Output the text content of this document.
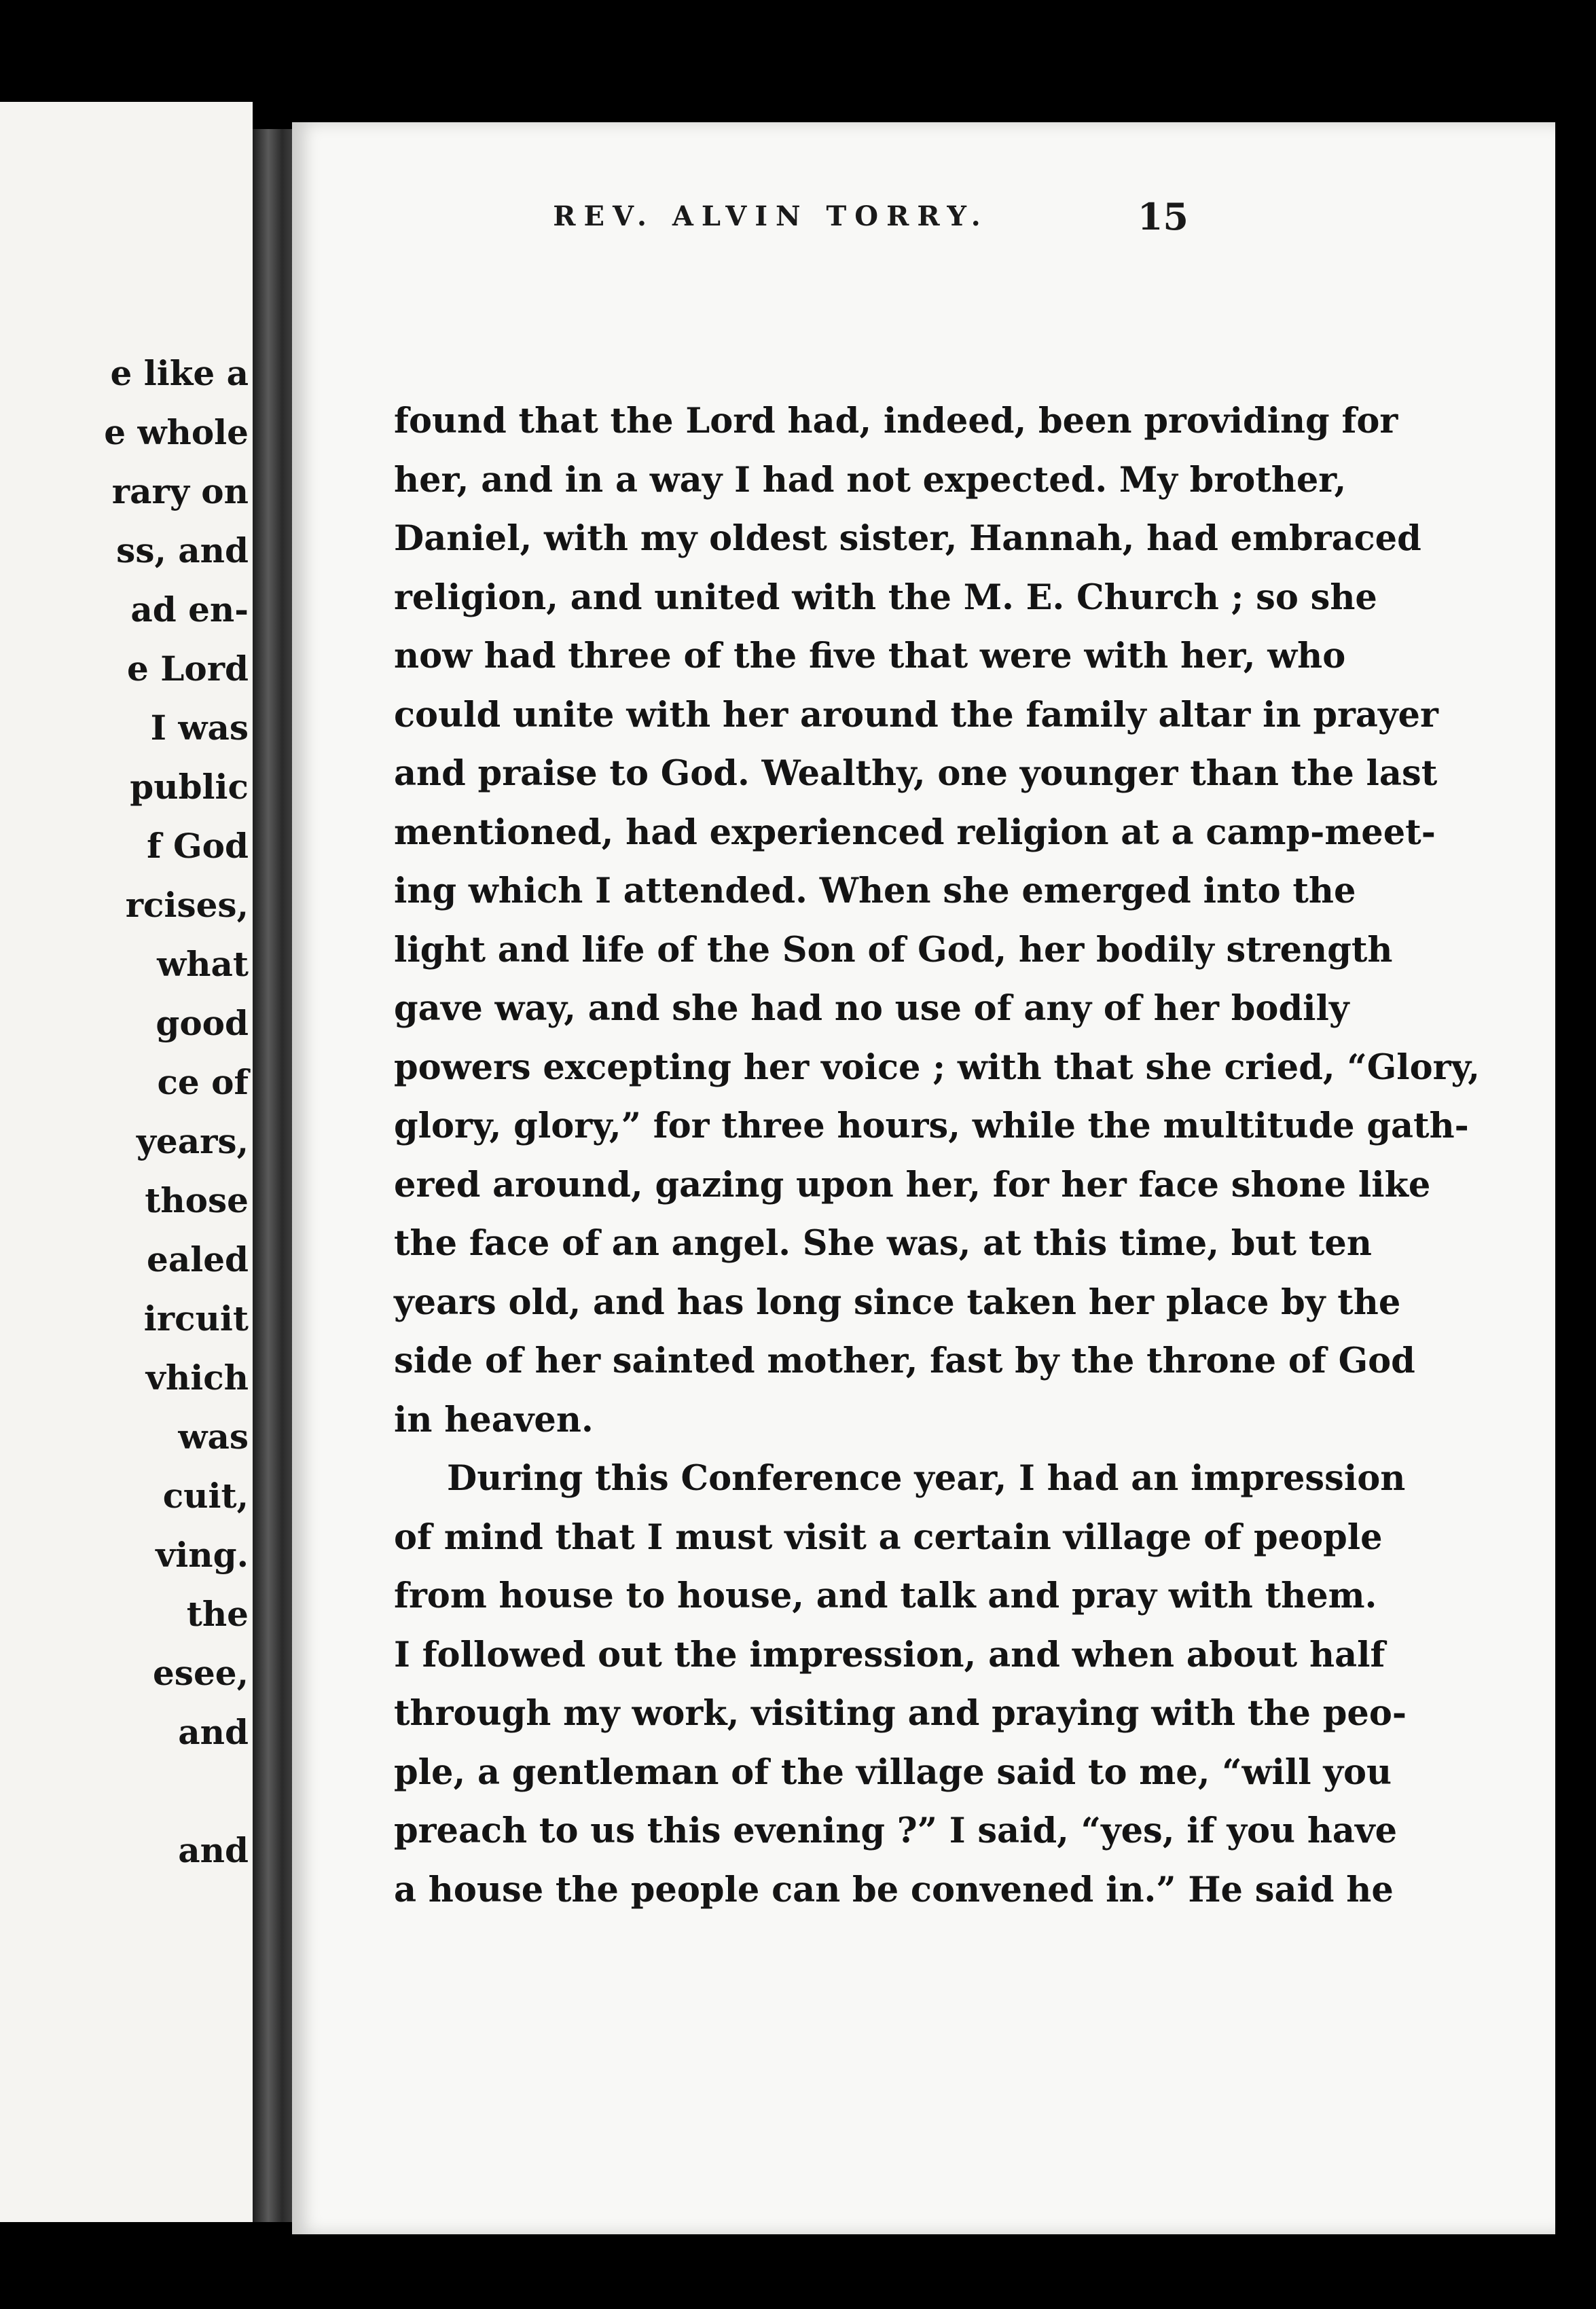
e like a
e whole
rary on
ss, and
ad en-
e Lord
I was
public
f God
rcises,
what
good
ce of
years,
those
ealed
ircuit
vhich
was
cuit,
ving.
the
esee,
and
and
REV. ALVIN TORRY.	15
found that the Lord had, indeed, been providing for
her, and in a way I had not expected. My brother,
Daniel, with my oldest sister, Hannah, had embraced
religion, and united with the M. E. Church ; so she
now had three of the five that were with her, who
could unite with her around the family altar in prayer
and praise to God. Wealthy, one younger than the last
mentioned, had experienced religion at a camp-meet-
ing which I attended. When she emerged into the
light and life of the Son of God, her bodily strength
gave way, and she had no use of any of her bodily
powers excepting her voice ; with that she cried, “Glory,
glory, glory,” for three hours, while the multitude gath-
ered around, gazing upon her, for her face shone like
the face of an angel. She was, at this time, but ten
years old, and has long since taken her place by the
side of her sainted mother, fast by the throne of God
in heaven.
During this Conference year, I had an impression
of mind that I must visit a certain village of people
from house to house, and talk and pray with them.
I followed out the impression, and when about half
through my work, visiting and praying with the peo-
ple, a gentleman of the village said to me, “will you
preach to us this evening ?” I said, “yes, if you have
a house the people can be convened in.” He said he
